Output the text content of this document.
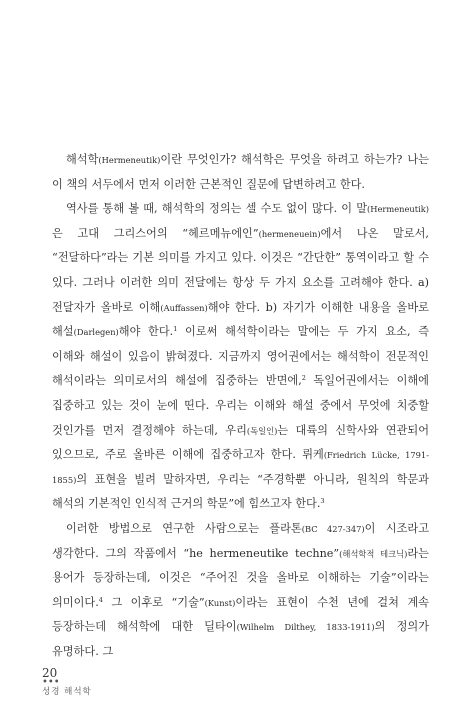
해석학(Hermeneutik)이란 무엇인가? 해석학은 무엇을 하려고 하는가? 나는 이 책의 서두에서 먼저 이러한 근본적인 질문에 답변하려고 한다.

역사를 통해 볼 때, 해석학의 정의는 셀 수도 없이 많다. 이 말(Hermeneutik)은 고대 그리스어의 “헤르메뉴에인”(hermeneuein)에서 나온 말로서, “전달하다”라는 기본 의미를 가지고 있다. 이것은 “간단한” 통역이라고 할 수 있다. 그러나 이러한 의미 전달에는 항상 두 가지 요소를 고려해야 한다. a) 전달자가 올바로 이해(Auffassen)해야 한다. b) 자기가 이해한 내용을 올바로 해설(Darlegen)해야 한다.$^1$ 이로써 해석학이라는 말에는 두 가지 요소, 즉 이해와 해설이 있음이 밝혀졌다. 지금까지 영어권에서는 해석학이 전문적인 해석이라는 의미로서의 해설에 집중하는 반면에,$^2$ 독일어권에서는 이해에 집중하고 있는 것이 눈에 띤다. 우리는 이해와 해설 중에서 무엇에 치중할 것인가를 먼저 결정해야 하는데, 우리(독일인)는 대륙의 신학사와 연관되어 있으므로, 주로 올바른 이해에 집중하고자 한다. 뤼케(Friedrich Lücke, 1791-1855)의 표현을 빌려 말하자면, 우리는 “주경학뿐 아니라, 원칙의 학문과 해석의 기본적인 인식적 근거의 학문”에 힘쓰고자 한다.$^3$

이러한 방법으로 연구한 사람으로는 플라톤(BC 427-347)이 시조라고 생각한다. 그의 작품에서 “he hermeneutike techne”(해석학적 테크닉)라는 용어가 등장하는데, 이것은 “주어진 것을 올바로 이해하는 기술”이라는 의미이다.$^4$ 그 이후로 “기술”(Kunst)이라는 표현이 수천 년에 걸쳐 계속 등장하는데 해석학에 대한 딜타이(Wilhelm Dilthey, 1833-1911)의 정의가 유명하다. 그

20
•••
성경 해석학
